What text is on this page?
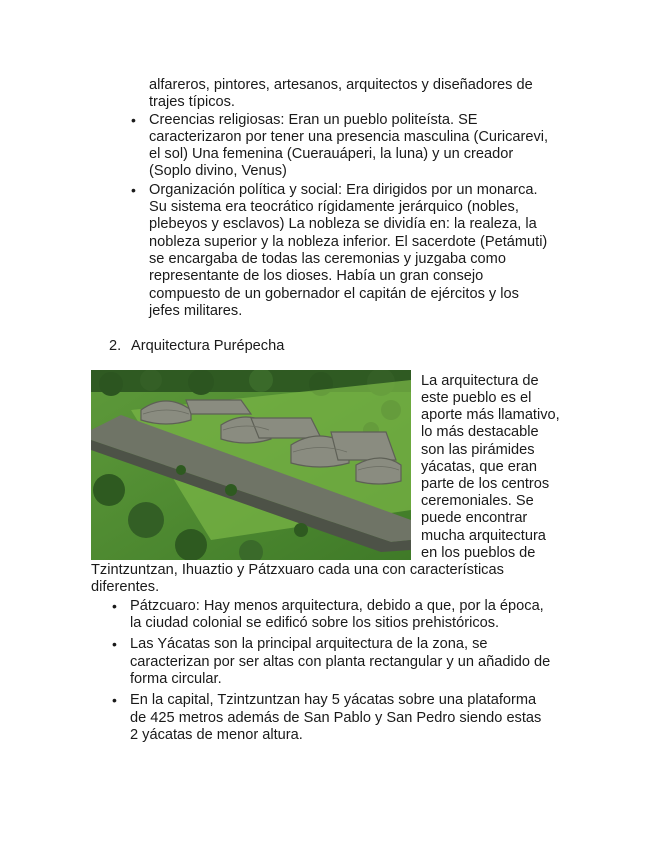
alfareros, pintores, artesanos, arquitectos y diseñadores de
trajes típicos.
• Creencias religiosas: Eran un pueblo politeísta. SE
caracterizaron por tener una presencia masculina (Curicarevi,
el sol) Una femenina (Cuerauáperi, la luna) y un creador
(Soplo divino, Venus)
• Organización política y social: Era dirigidos por un monarca.
Su sistema era teocrático rígidamente jerárquico (nobles,
plebeyos y esclavos) La nobleza se dividía en: la realeza, la
nobleza superior y la nobleza inferior. El sacerdote (Petámuti)
se encargaba de todas las ceremonias y juzgaba como
representante de los dioses. Había un gran consejo
compuesto de un gobernador el capitán de ejércitos y los
jefes militares.
2. Arquitectura Purépecha
La arquitectura de
este pueblo es el
aporte más llamativo,
lo más destacable
son las pirámides
yácatas, que eran
parte de los centros
ceremoniales. Se
puede encontrar
mucha arquitectura
en los pueblos de
Tzintzuntzan, Ihuaztio y Pátzxuaro cada una con características
diferentes.
• Pátzcuaro: Hay menos arquitectura, debido a que, por la época,
la ciudad colonial se edificó sobre los sitios prehistóricos.
• Las Yácatas son la principal arquitectura de la zona, se
caracterizan por ser altas con planta rectangular y un añadido de
forma circular.
• En la capital, Tzintzuntzan hay 5 yácatas sobre una plataforma
de 425 metros además de San Pablo y San Pedro siendo estas
2 yácatas de menor altura.
